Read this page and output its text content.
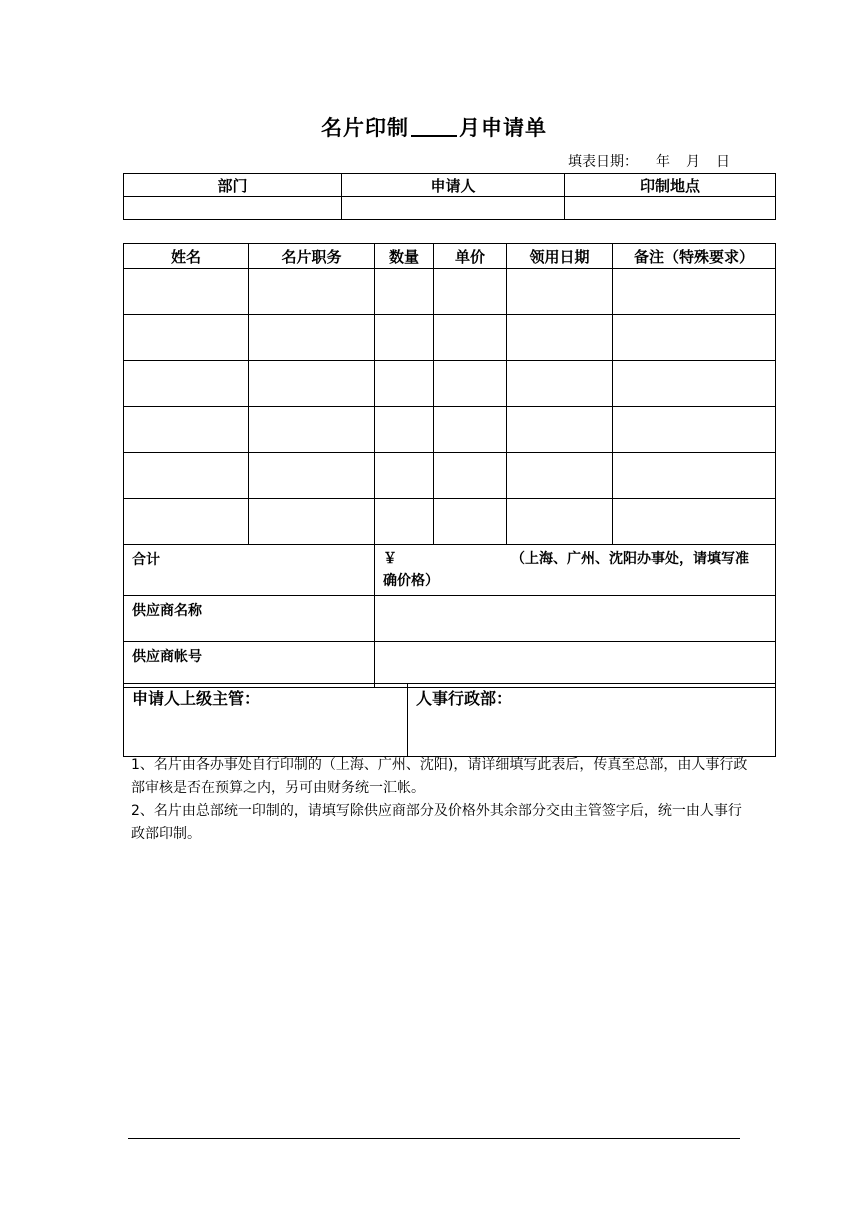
名片印制 月申请单
填表日期： 年 月 日
部门	申请人	印制地点

姓名	名片职务	数量	单价	领用日期	备注（特殊要求）

合计		￥ （上海、广州、沈阳办事处，请填写准
确价格）			
供应商名称					
供应商帐号					
申请人上级主管：	人事行政部：

1、名片由各办事处自行印制的（上海、广州、沈阳)，请详细填写此表后，传真至总部，由人事行政部审核是否在预算之内，另可由财务统一汇帐。

2、名片由总部统一印制的，请填写除供应商部分及价格外其余部分交由主管签字后，统一由人事行政部印制。
